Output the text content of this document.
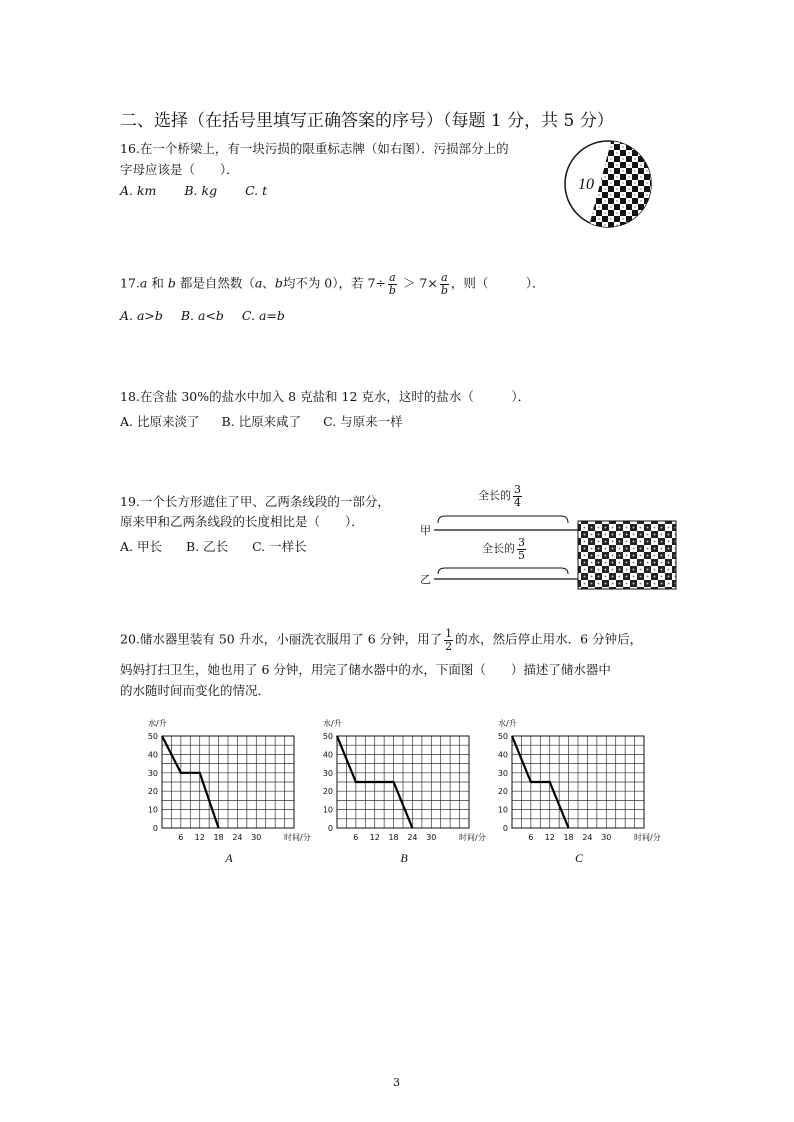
二、选择（在括号里填写正确答案的序号）（每题 1 分，共 5 分）
16.在一个桥梁上，有一块污损的限重标志牌（如右图）．污损部分上的
字母应该是（　　）．
A. km B. kg C. t	10
17.a 和 b 都是自然数（a、b均不为 0），若 $7\div \frac{a}{b} > 7\times \frac{a}{b}$ ，则（　　　）．
A. a>b B. a<b C. a=b
18.在含盐 30%的盐水中加入 8 克盐和 12 克水，这时的盐水（　　　）．
A. 比原来淡了 B. 比原来咸了 C. 与原来一样
19.一个长方形遮住了甲、乙两条线段的一部分，
原来甲和乙两条线段的长度相比是（　　）．
A. 甲长 B. 乙长 C. 一样长
全长的 $\frac{3}{4}$
甲
全长的 $\frac{3}{5}$
乙
20.储水器里装有 50 升水，小丽洗衣服用了 6 分钟，用了 $\frac{1}{2}$ 的水，然后停止用水．6 分钟后，
妈妈打扫卫生，她也用了 6 分钟，用完了储水器中的水，下面图（　　）描述了储水器中
的水随时间而变化的情况．
0
10
20
30
40
50
6 12 18 24 30
水/升
时间/分
A
0
10
20
30
40
50
6 12 18 24 30
水/升
时间/分
B
0
10
20
30
40
50
6 12 18 24 30
水/升
时间/分
C
3
